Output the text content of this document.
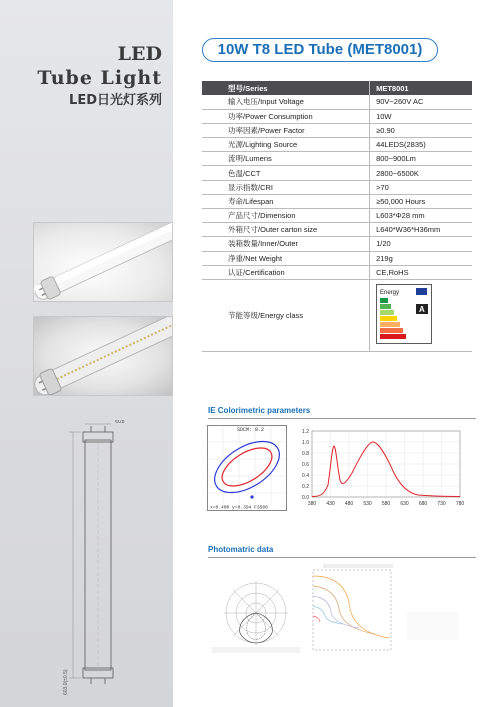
LED
Tube Light
LED日光灯系列
Φ28
603.0(±0.5)
10W T8 LED Tube (MET8001)
型号/Series	MET8001
输入电压/Input Voltage	90V~260V AC
功率/Power Consumption	10W
功率因素/Power Factor	≥0.90
光源/Lighting Source	44LEDS(2835)
流明/Lumens	800~900Lm
色温/CCT	2800~6500K
显示指数/CRI	>70
寿命/Lifespan	≥50,000 Hours
产品尺寸/Dimension	L603*Φ28 mm
外箱尺寸/Outer carton size	L640*W36*H36mm
装箱数量/Inner/Outer	1/20
净重/Net Weight	219g
认证/Certification	CE,RoHS
节能等级/Energy class	Energy
A
IE Colorimetric parameters
SDCM: 8.2
x=0.400 y=0.394 F3500
1.2
1.0
0.8
0.6
0.4
0.2
0.0
380 430 480 530 580 630 680 730 780
Photomatric data
